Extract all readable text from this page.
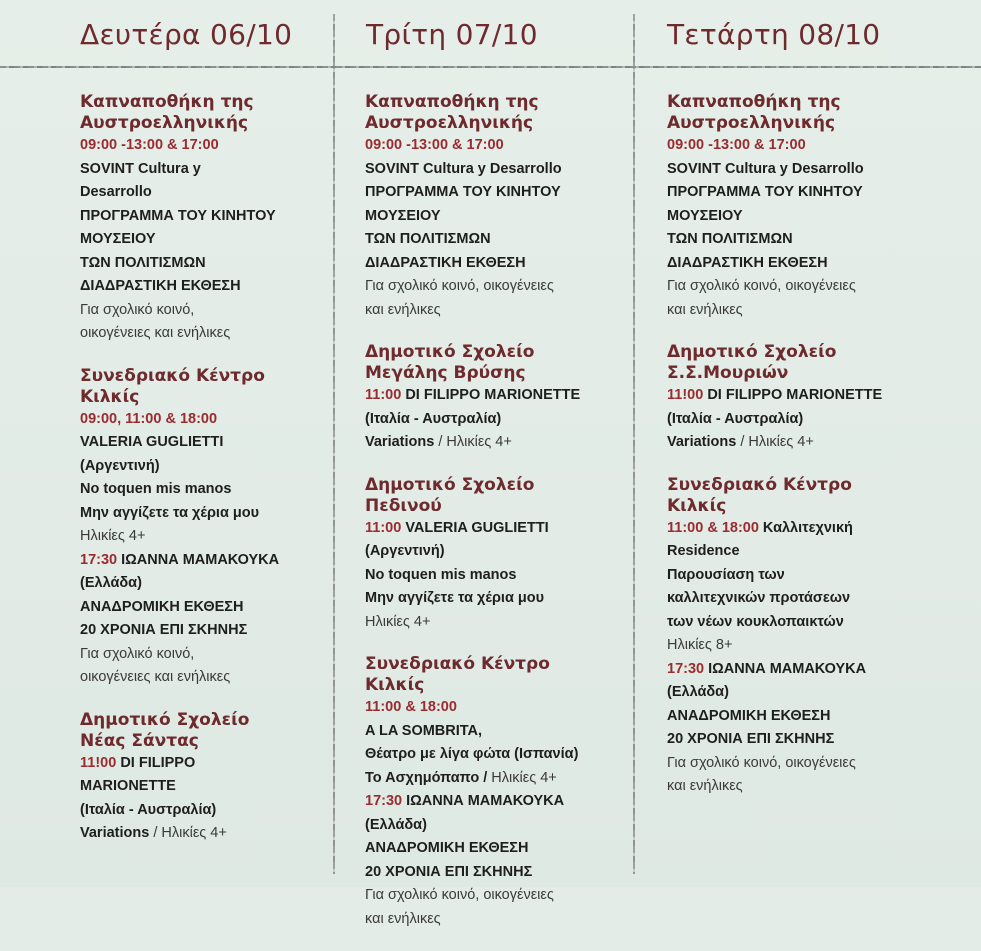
Δευτέρα 06/10	Τρίτη 07/10	Τετάρτη 08/10

Καπναποθήκη της

Αυστροελληνικής

09:00 -13:00 & 17:00

SOVINT Cultura y

Desarrollo

ΠΡΟΓΡΑΜΜΑ ΤΟΥ ΚΙΝΗΤΟΥ

ΜΟΥΣΕΙΟΥ

ΤΩΝ ΠΟΛΙΤΙΣΜΩΝ

ΔΙΑΔΡΑΣΤΙΚΗ ΕΚΘΕΣΗ

Για σχολικό κοινό,

οικογένειες και ενήλικες

Συνεδριακό Κέντρο

Κιλκίς

09:00, 11:00 & 18:00

VALERIA GUGLIETTI

(Αργεντινή)

No toquen mis manos

Μην αγγίζετε τα χέρια μου

Ηλικίες 4+

17:30 ΙΩΑΝΝΑ ΜΑΜΑΚΟΥΚΑ

(Ελλάδα)

ΑΝΑΔΡΟΜΙΚΗ ΕΚΘΕΣΗ

20 ΧΡΟΝΙΑ ΕΠΙ ΣΚΗΝΗΣ

Για σχολικό κοινό,

οικογένειες και ενήλικες

Δημοτικό Σχολείο

Νέας Σάντας

11!00 DI FILIPPO

MARIONETTE

(Ιταλία - Αυστραλία)

Variations / Ηλικίες 4+

Καπναποθήκη της

Αυστροελληνικής

09:00 -13:00 & 17:00

SOVINT Cultura y Desarrollo

ΠΡΟΓΡΑΜΜΑ ΤΟΥ ΚΙΝΗΤΟΥ

ΜΟΥΣΕΙΟΥ

ΤΩΝ ΠΟΛΙΤΙΣΜΩΝ

ΔΙΑΔΡΑΣΤΙΚΗ ΕΚΘΕΣΗ

Για σχολικό κοινό, οικογένειες

και ενήλικες

Δημοτικό Σχολείο

Μεγάλης Βρύσης

11:00 DI FILIPPO MARIONETTE

(Ιταλία - Αυστραλία)

Variations / Ηλικίες 4+

Δημοτικό Σχολείο

Πεδινού

11:00 VALERIA GUGLIETTI

(Αργεντινή)

No toquen mis manos

Μην αγγίζετε τα χέρια μου

Ηλικίες 4+

Συνεδριακό Κέντρο

Κιλκίς

11:00 & 18:00

A LA SOMBRITA,

Θέατρο με λίγα φώτα (Ισπανία)

Το Ασχημόπαπο / Ηλικίες 4+

17:30 ΙΩΑΝΝΑ ΜΑΜΑΚΟΥΚΑ

(Ελλάδα)

ΑΝΑΔΡΟΜΙΚΗ ΕΚΘΕΣΗ

20 ΧΡΟΝΙΑ ΕΠΙ ΣΚΗΝΗΣ

Για σχολικό κοινό, οικογένειες

και ενήλικες

Καπναποθήκη της

Αυστροελληνικής

09:00 -13:00 & 17:00

SOVINT Cultura y Desarrollo

ΠΡΟΓΡΑΜΜΑ ΤΟΥ ΚΙΝΗΤΟΥ

ΜΟΥΣΕΙΟΥ

ΤΩΝ ΠΟΛΙΤΙΣΜΩΝ

ΔΙΑΔΡΑΣΤΙΚΗ ΕΚΘΕΣΗ

Για σχολικό κοινό, οικογένειες

και ενήλικες

Δημοτικό Σχολείο

Σ.Σ.Μουριών

11!00 DI FILIPPO MARIONETTE

(Ιταλία - Αυστραλία)

Variations / Ηλικίες 4+

Συνεδριακό Κέντρο

Κιλκίς

11:00 & 18:00 Καλλιτεχνική

Residence

Παρουσίαση των

καλλιτεχνικών προτάσεων

των νέων κουκλοπαικτών

Ηλικίες 8+

17:30 ΙΩΑΝΝΑ ΜΑΜΑΚΟΥΚΑ

(Ελλάδα)

ΑΝΑΔΡΟΜΙΚΗ ΕΚΘΕΣΗ

20 ΧΡΟΝΙΑ ΕΠΙ ΣΚΗΝΗΣ

Για σχολικό κοινό, οικογένειες

και ενήλικες
